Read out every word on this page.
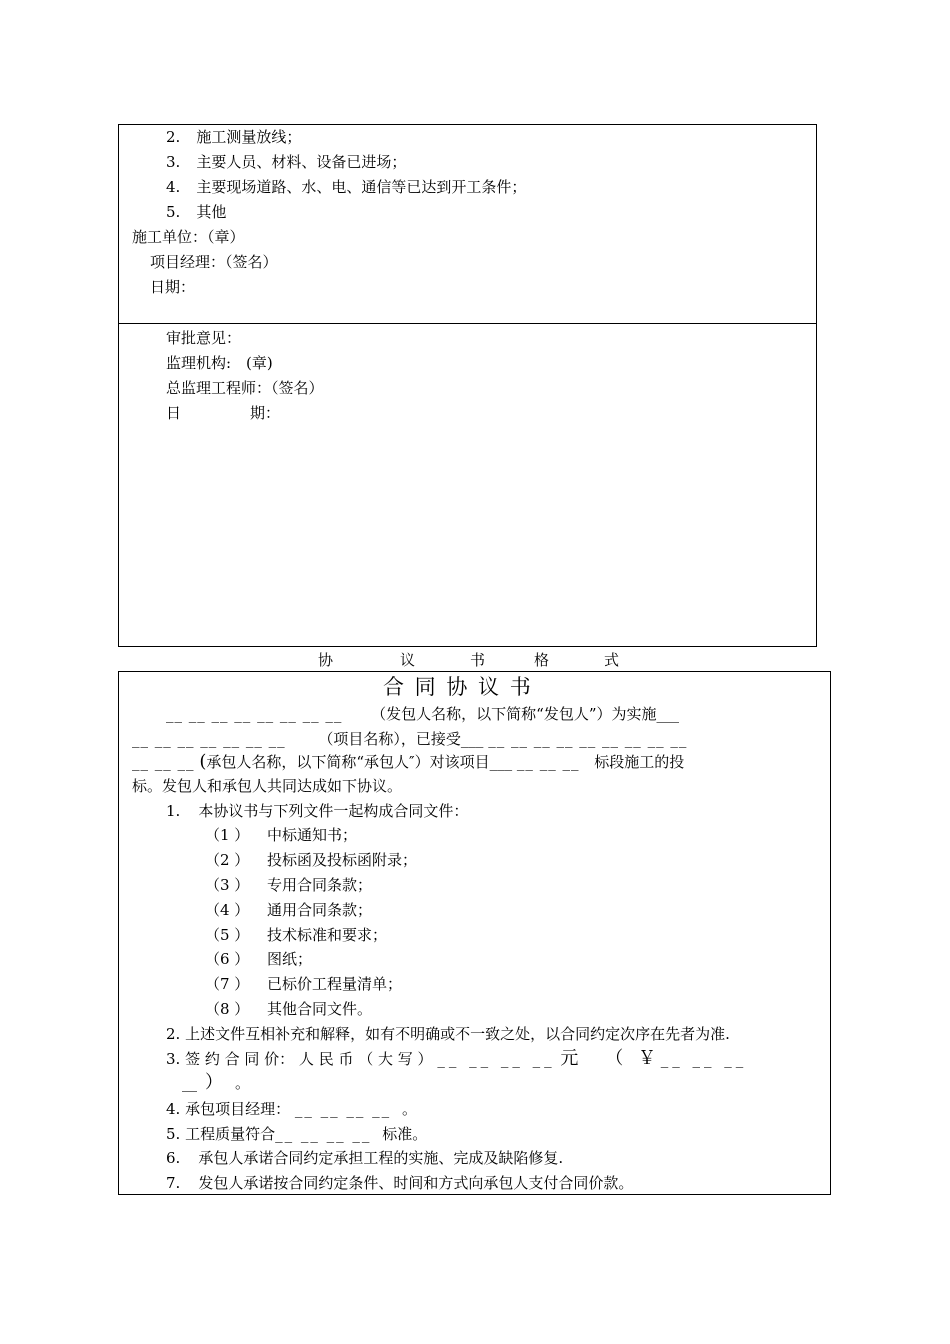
2. 施工测量放线；
3. 主要人员、材料、设备已进场；
4. 主要现场道路、水、电、通信等已达到开工条件；
5. 其他
施工单位：（章）
项目经理：（签名）
日期：
审批意见：
监理机构:　(章)
总监理工程师：（签名）
日	期：
协	议	书	格	式
合 同 协 议 书
__ __ __ __ __ __ __ __ （发包人名称，以下简称“发包人”）为实施___
__ __ __ __ __ __ __ （项目名称），已接受___ __ __ __ __ __ __ __ __ __
__ __ __ (承包人名称，以下简称“承包人″）对该项目___ __ __ __ 标段施工的投
标。发包人和承包人共同达成如下协议。
1. 本协议书与下列文件一起构成合同文件：
（1 ） 中标通知书；
（2 ） 投标函及投标函附录；
（3 ） 专用合同条款；
（4 ） 通用合同条款；
（5 ） 技术标准和要求；
（6 ） 图纸；
（7 ） 已标价工程量清单；
（8 ） 其他合同文件。
2. 上述文件互相补充和解释，如有不明确或不一致之处，以合同约定次序在先者为准.
3. 签 约 合 同 价： 人 民 币 （ 大 写 ） __ __ __ __ 元 （ ￥ __ __ __
__ ） 。
4. 承包项目经理： __ __ __ __ 。
5. 工程质量符合__ __ __ __ 标准。
6. 承包人承诺合同约定承担工程的实施、完成及缺陷修复.
7. 发包人承诺按合同约定条件、时间和方式向承包人支付合同价款。
